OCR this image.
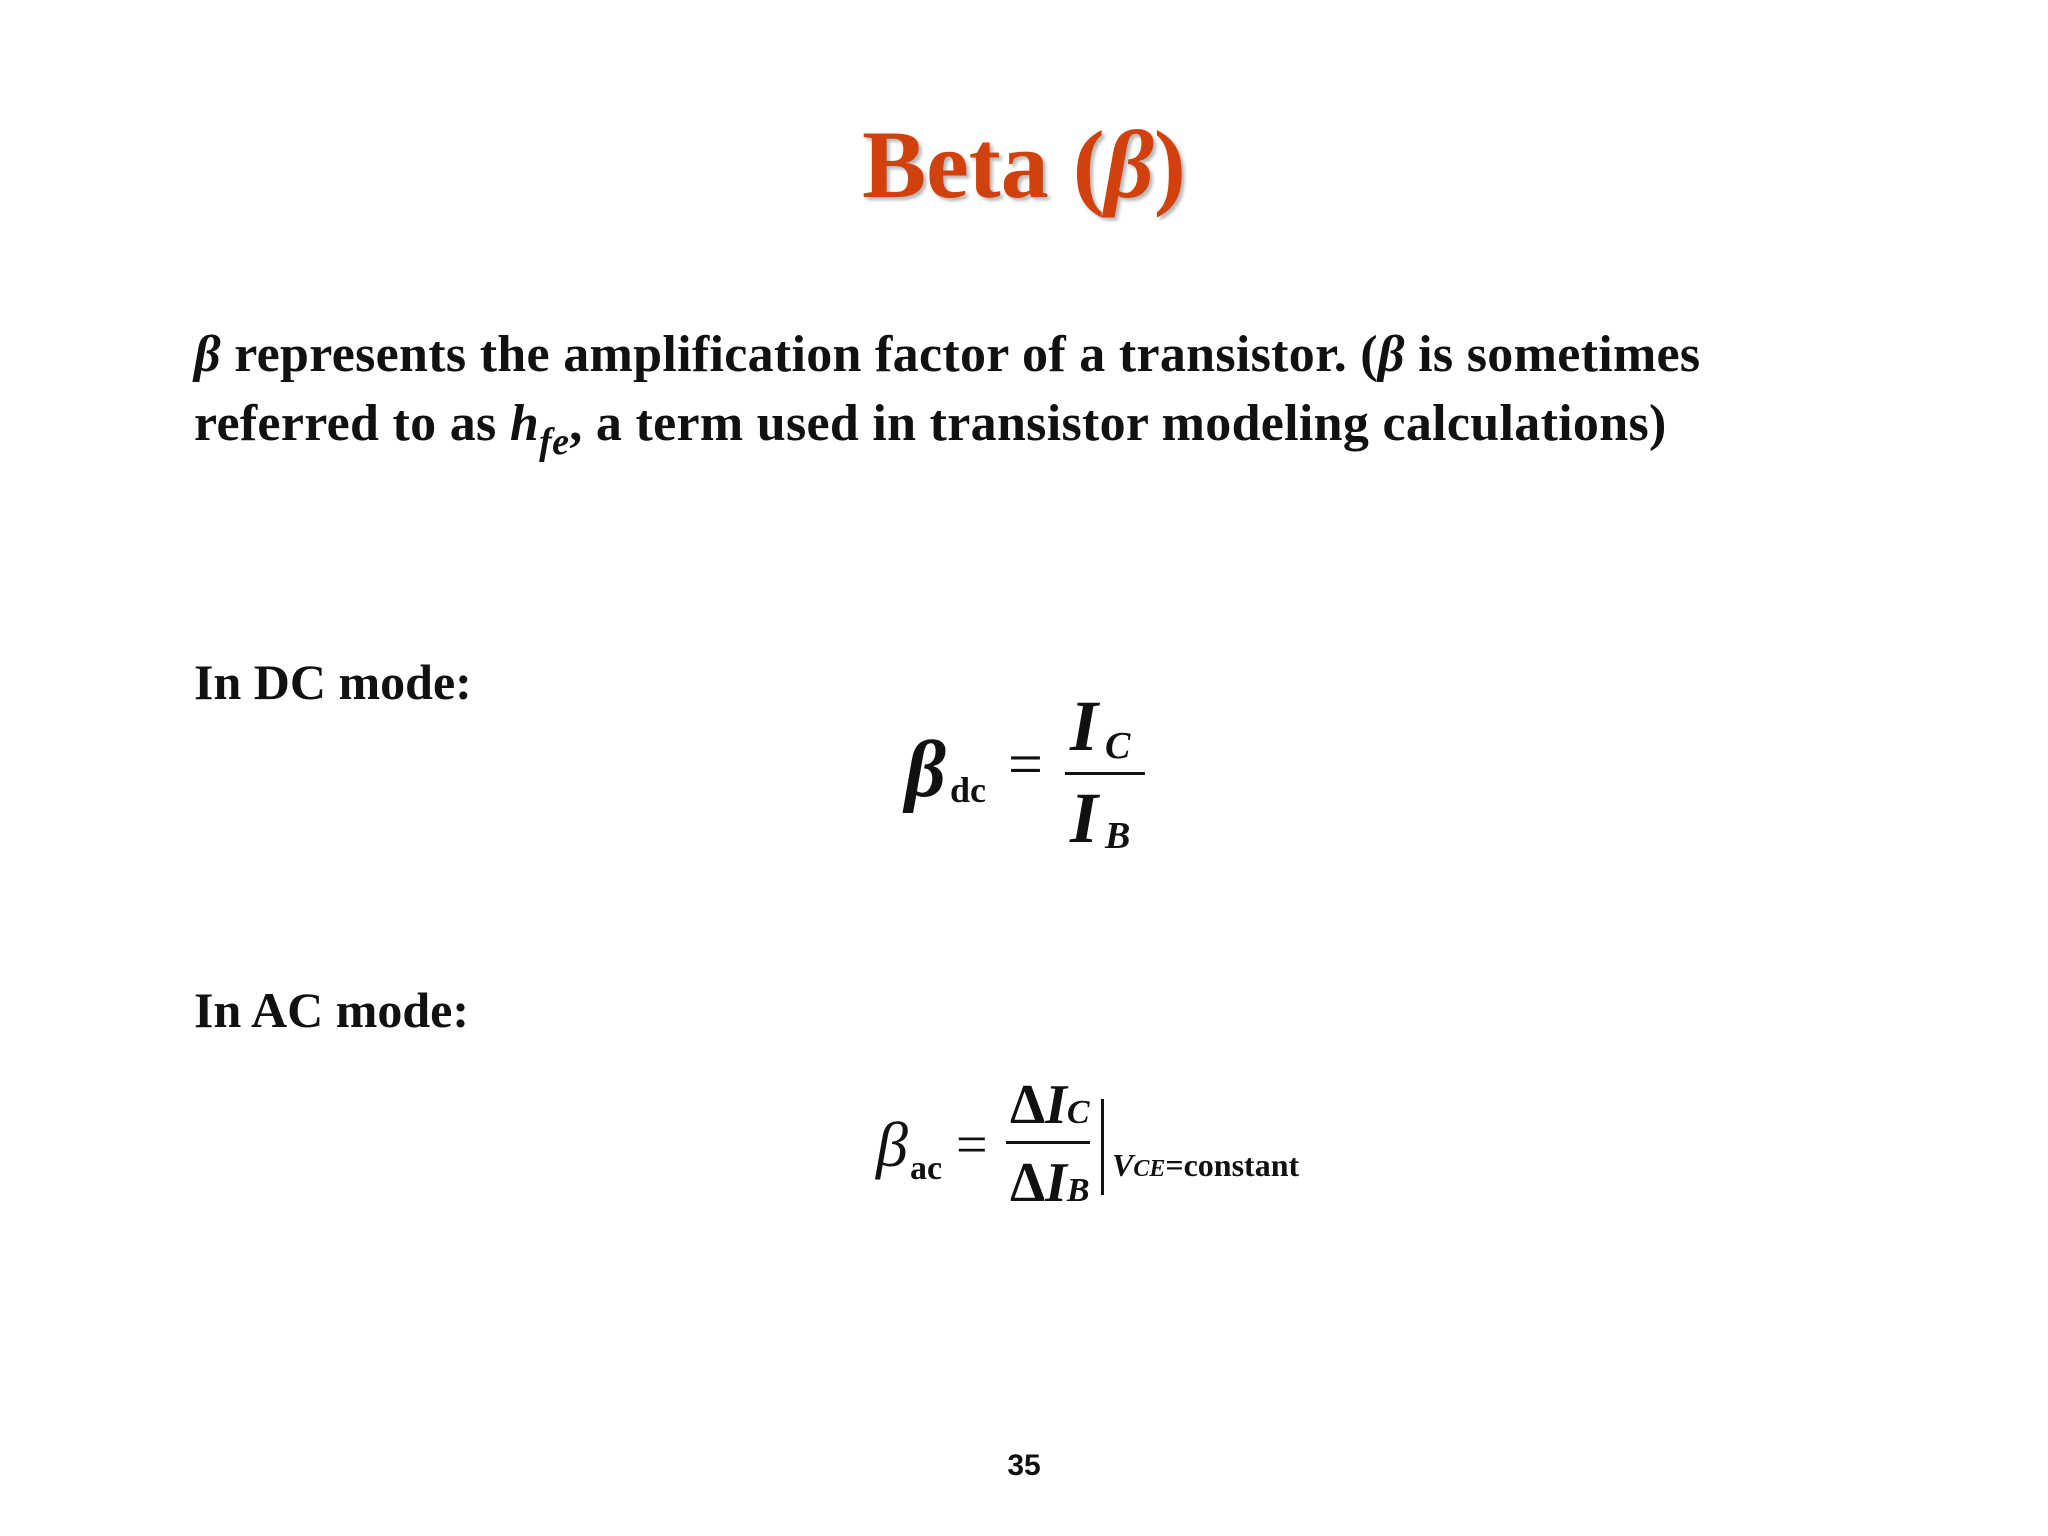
Beta (β)
β represents the amplification factor of a transistor. (β is sometimes referred to as $h_{fe}$, a term used in transistor modeling calculations)
In DC mode:
β dc = I C
I B
In AC mode:
β ac =
ΔIC
ΔIB
VCE=constant
35
